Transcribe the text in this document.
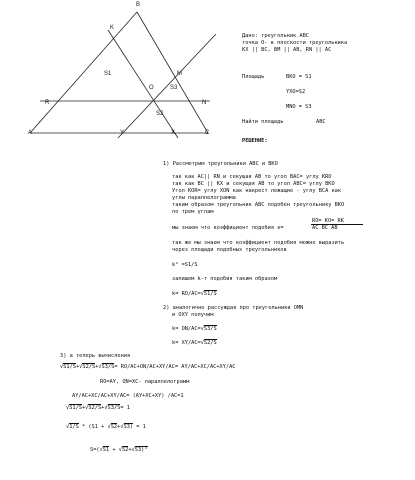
B
K
M
O	S3
R	N
S2
S1
A	Y	X	C
Дано: треугольник ABC
точка O- в плоскости треугольника
KX || BC, BM || AB, RN || AC
Площадь	BKO = S1
YXO=S2
MNO = S3
Найти площадь	ABC
РЕШЕНИЕ:
1) Рассмотрим треугольники ABC и BKO
так как AC|| RN и секущая AB то угол BAC= углу KRO
так как BC || KX и секущая AB то угол ABC= углу BKO
Угол KOR= углу XON как накрест лежащие - углу BCA как
углы параллелограмма
таким образом треугольник ABC подобен треугольнику BKO
по трем углам
RO= KO= RK
мы знаем что коэффициент подобия к=	AC BC AB
так же мы знаем что коэффициент подобия можно выразить
через площади подобных треугольников
k² =S1/S
запишем k-т подобия таким образом
k= RO/AC=√S1/S
2) аналогично рассуждая про треугольники OMN
и OXY получим
k= ON/AC=√S3/S
k= XY/AC=√S2/S
3) а теперь вычисления
√S1/S+√S2/S+√S3/S= RO/AC+ON/AC+XY/AC= AY/AC+XC/AC+XY/AC
RO=AY, ON=XC- параллелограмм
AY/AC+XC/AC+XY/AC= (AY+XC+XY) /AC=1
√S1/S+√S2/S+√S3/S= 1
√1/S * (S1 + √S2+√S3) = 1
S=(√S1 + √S2+√S3)²
